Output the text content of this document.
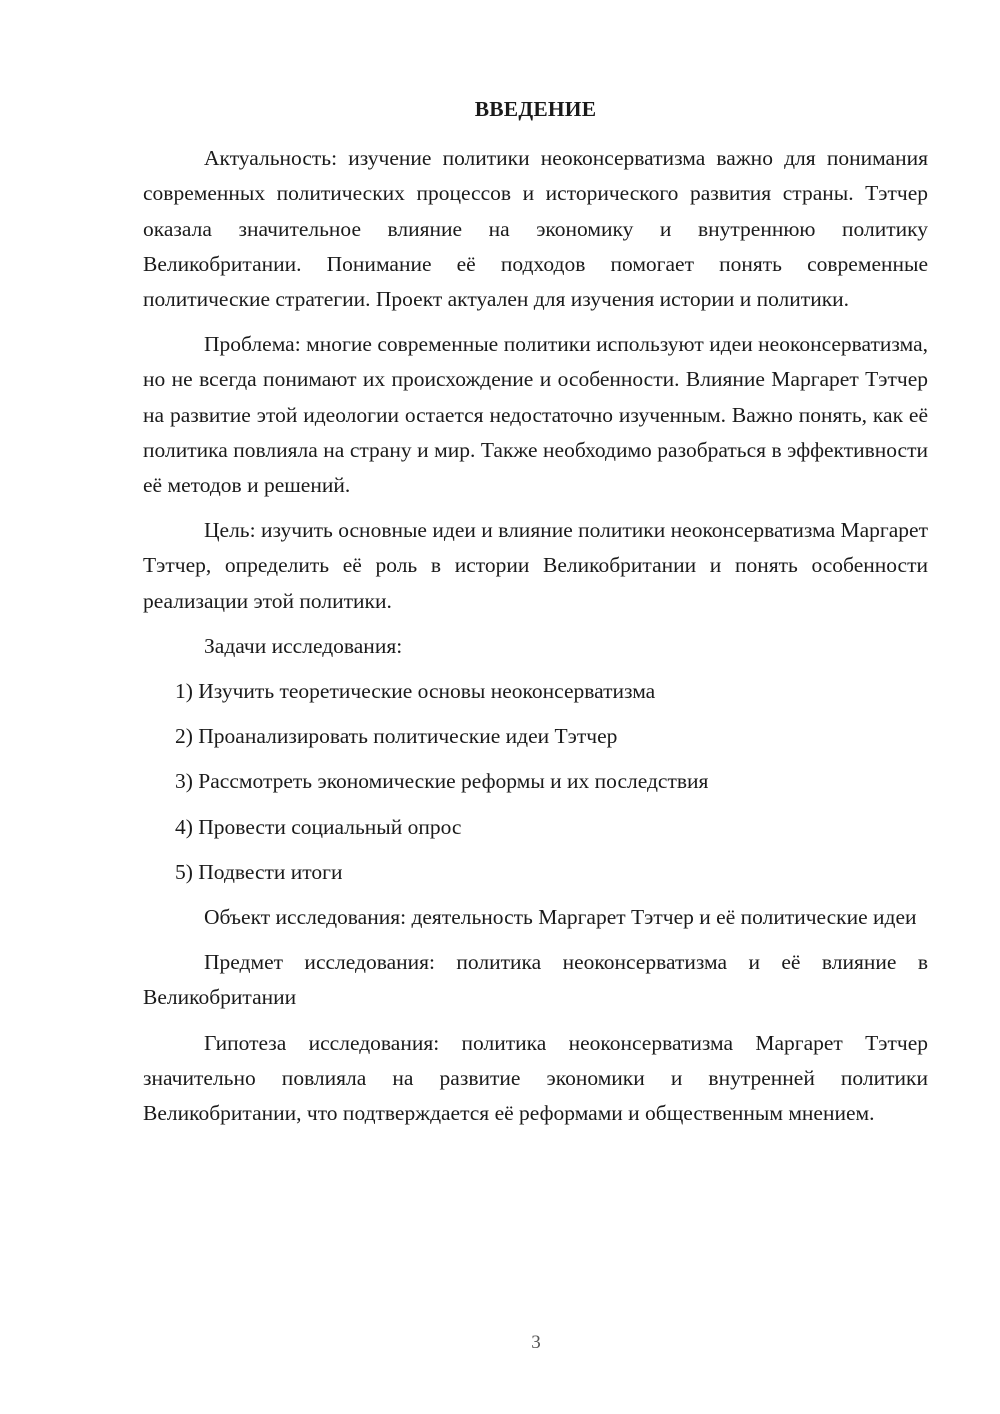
ВВЕДЕНИЕ

Актуальность: изучение политики неоконсерватизма важно для понимания современных политических процессов и исторического развития страны. Тэтчер оказала значительное влияние на экономику и внутреннюю политику Великобритании. Понимание её подходов помогает понять современные политические стратегии. Проект актуален для изучения истории и политики.

Проблема: многие современные политики используют идеи неоконсерватизма, но не всегда понимают их происхождение и особенности. Влияние Маргарет Тэтчер на развитие этой идеологии остается недостаточно изученным. Важно понять, как её политика повлияла на страну и мир. Также необходимо разобраться в эффективности её методов и решений.

Цель: изучить основные идеи и влияние политики неоконсерватизма Маргарет Тэтчер, определить её роль в истории Великобритании и понять особенности реализации этой политики.

Задачи исследования:

1) Изучить теоретические основы неоконсерватизма

2) Проанализировать политические идеи Тэтчер

3) Рассмотреть экономические реформы и их последствия

4) Провести социальный опрос

5) Подвести итоги

Объект исследования: деятельность Маргарет Тэтчер и её политические идеи

Предмет исследования: политика неоконсерватизма и её влияние в Великобритании

Гипотеза исследования: политика неоконсерватизма Маргарет Тэтчер значительно повлияла на развитие экономики и внутренней политики Великобритании, что подтверждается её реформами и общественным мнением.

3
